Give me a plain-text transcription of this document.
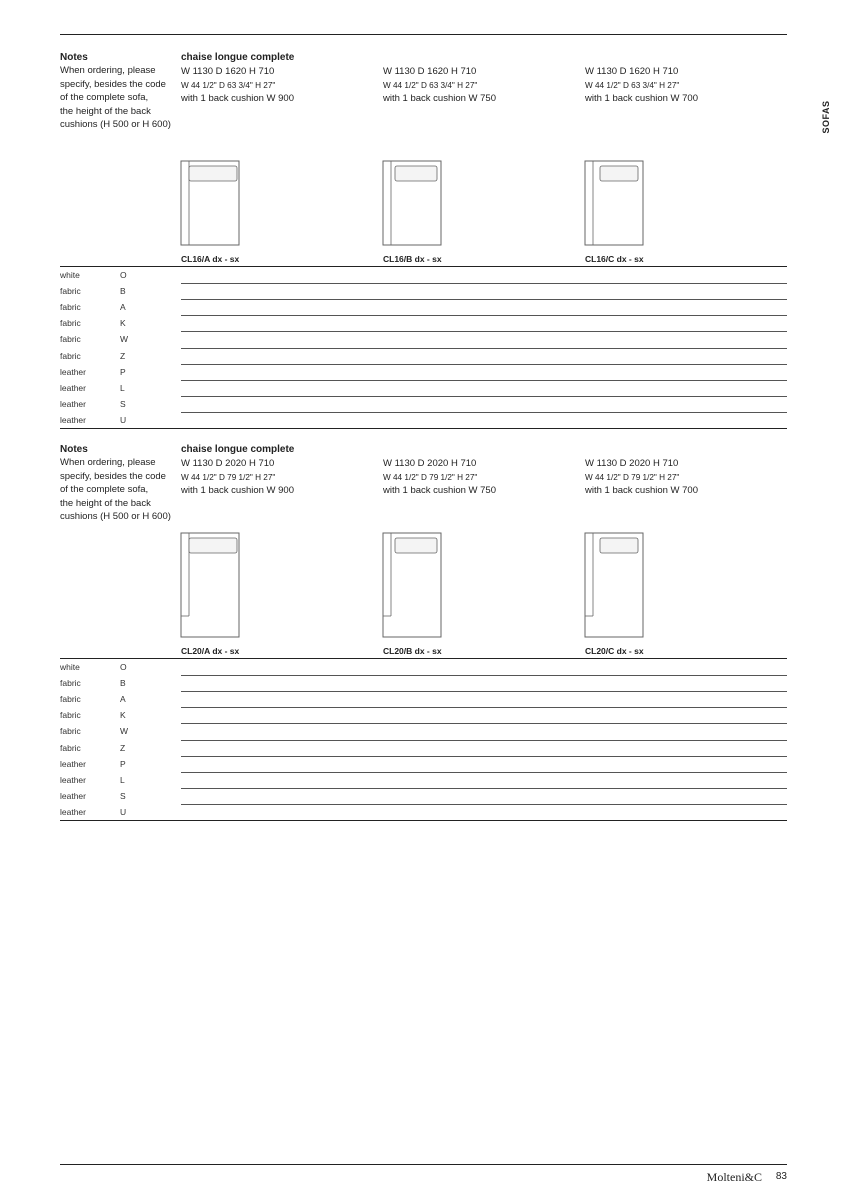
SOFAS
Notes
When ordering, please
specify, besides the code
of the complete sofa,
the height of the back
cushions (H 500 or H 600)
chaise longue complete
W 1130 D 1620 H 710
W 44 1/2" D 63 3/4" H 27"
with 1 back cushion W 900
CL16/A dx - sx
W 1130 D 1620 H 710
W 44 1/2" D 63 3/4" H 27"
with 1 back cushion W 750
CL16/B dx - sx
W 1130 D 1620 H 710
W 44 1/2" D 63 3/4" H 27"
with 1 back cushion W 700
CL16/C dx - sx
white	O
fabric	B
fabric	A
fabric	K
fabric	W
fabric	Z
leather	P
leather	L
leather	S
leather	U
Notes
When ordering, please
specify, besides the code
of the complete sofa,
the height of the back
cushions (H 500 or H 600)
chaise longue complete
W 1130 D 2020 H 710
W 44 1/2" D 79 1/2" H 27"
with 1 back cushion W 900
CL20/A dx - sx
W 1130 D 2020 H 710
W 44 1/2" D 79 1/2" H 27"
with 1 back cushion W 750
CL20/B dx - sx
W 1130 D 2020 H 710
W 44 1/2" D 79 1/2" H 27"
with 1 back cushion W 700
CL20/C dx - sx
white	O
fabric	B
fabric	A
fabric	K
fabric	W
fabric	Z
leather	P
leather	L
leather	S
leather	U
Molteni&C 83
